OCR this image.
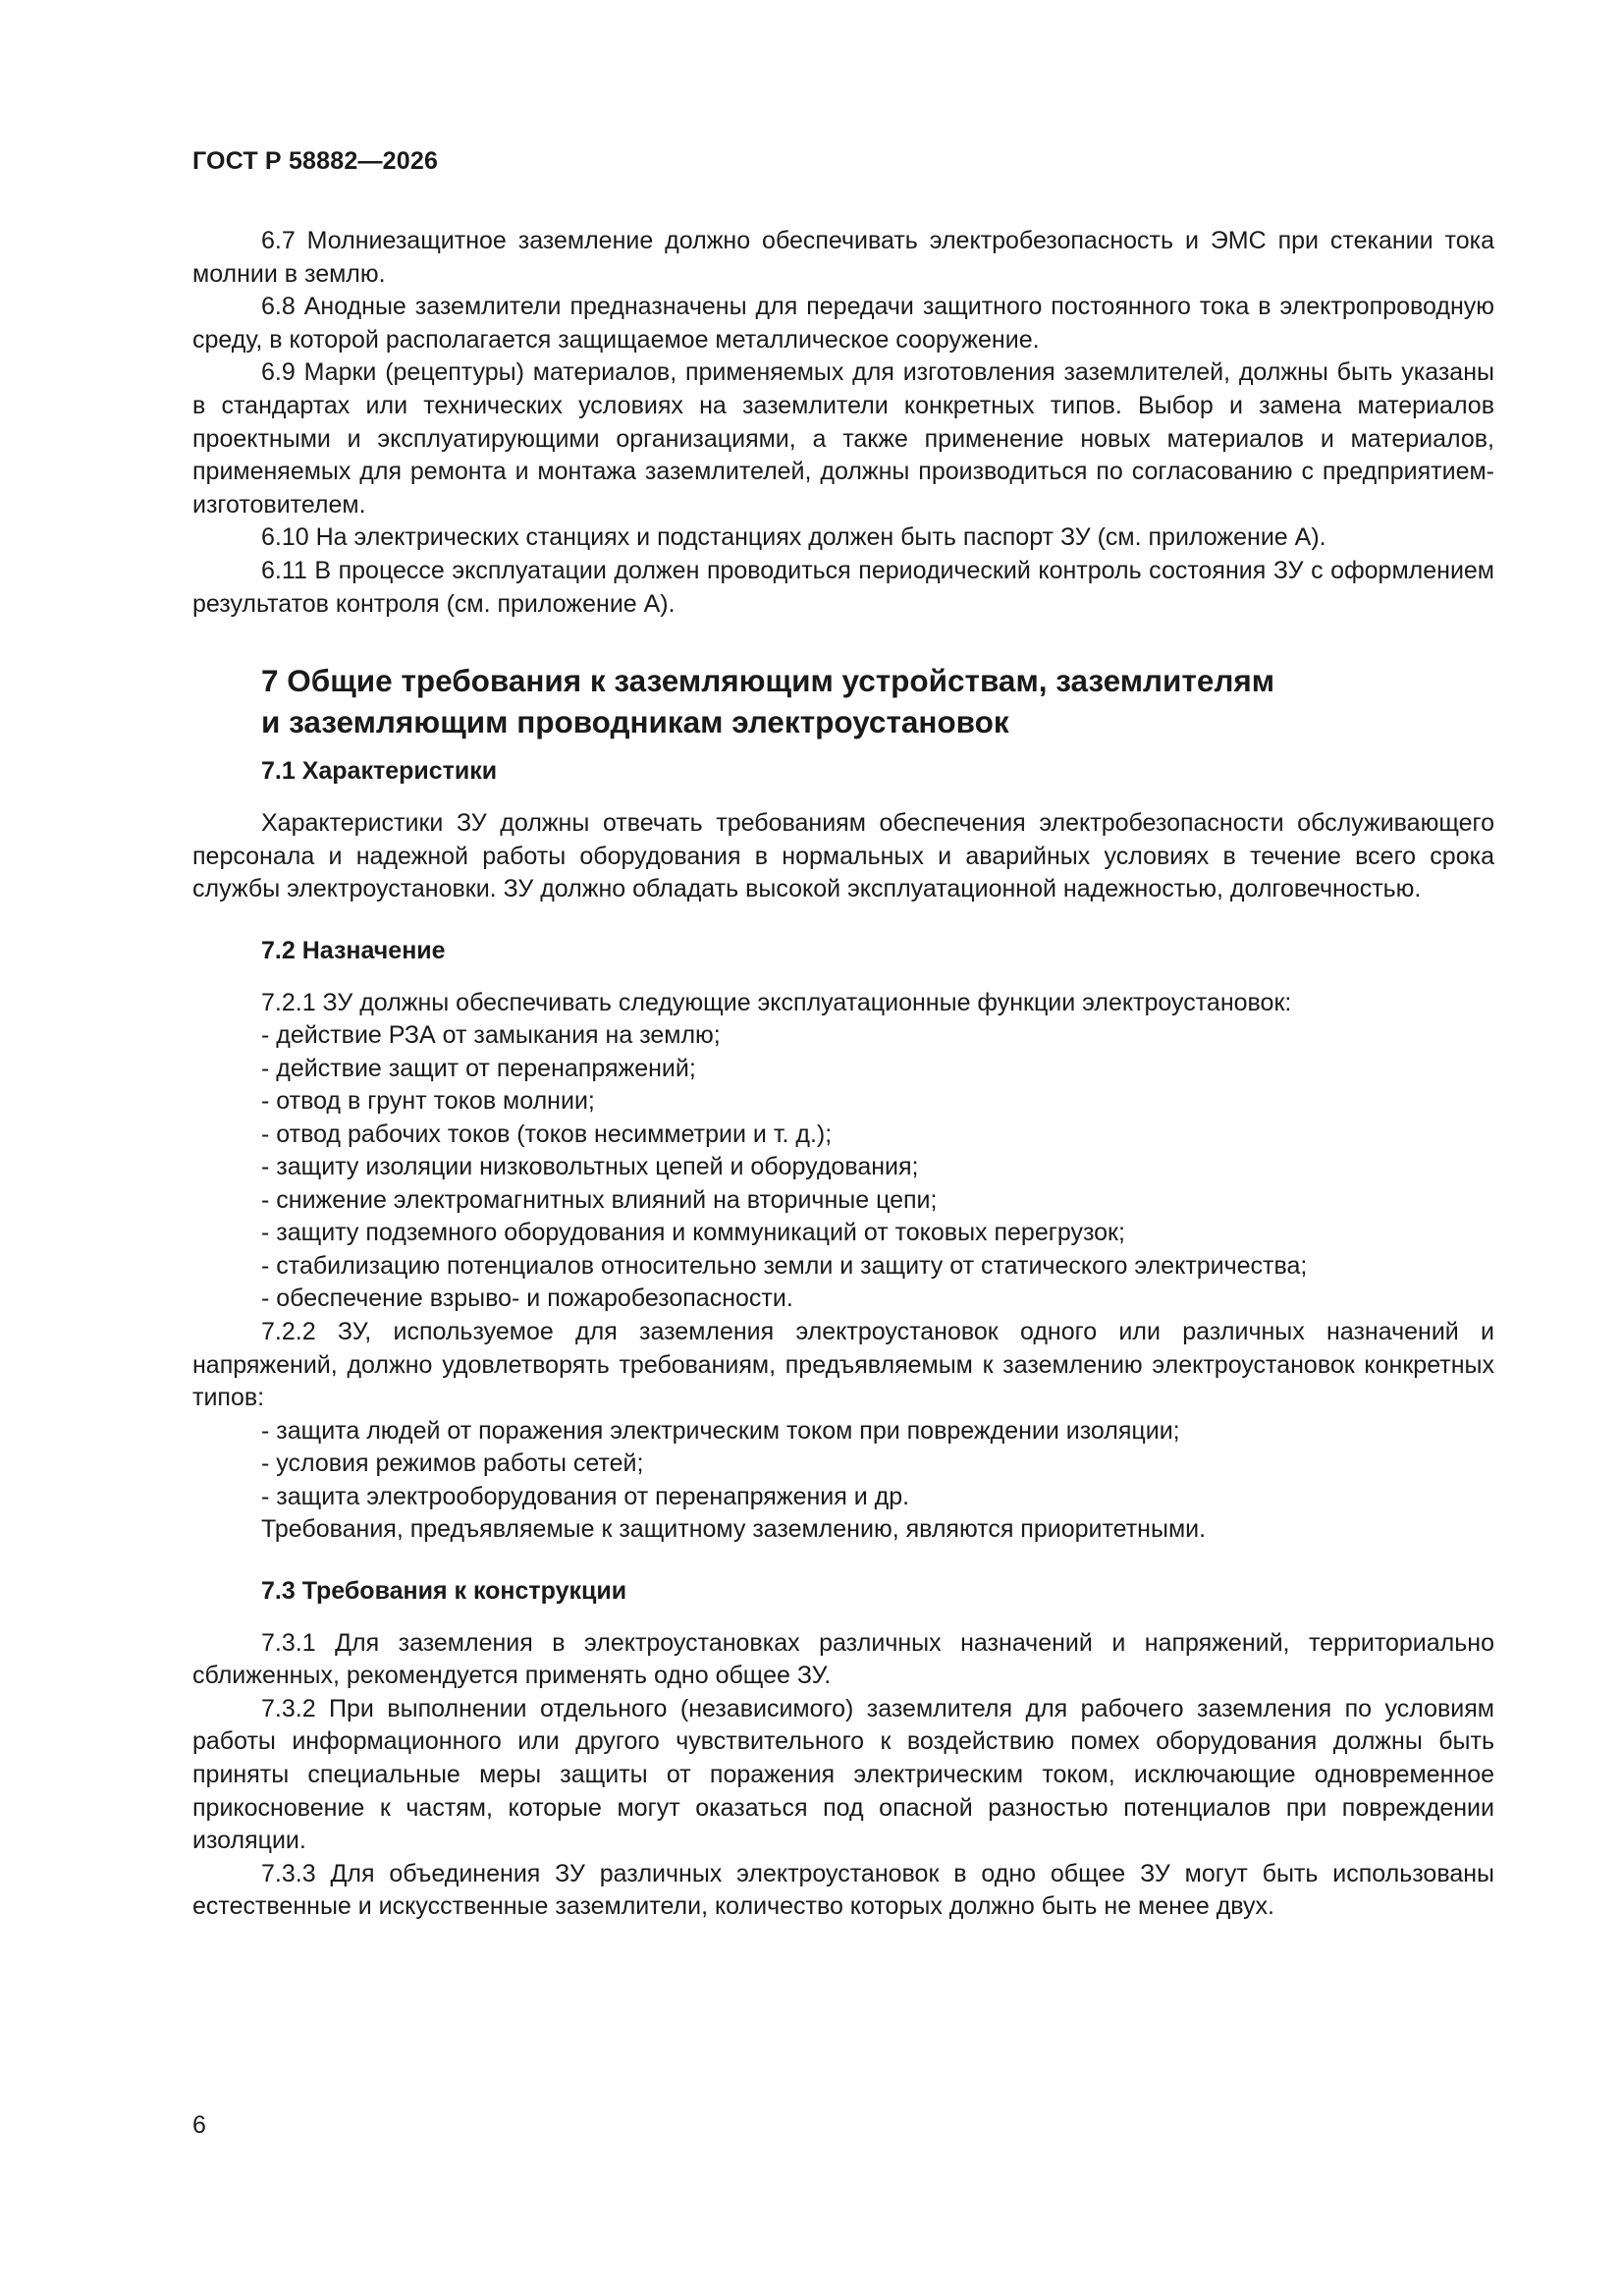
ГОСТ Р 58882—2026

6.7 Молниезащитное заземление должно обеспечивать электробезопасность и ЭМС при стекании тока молнии в землю.

6.8 Анодные заземлители предназначены для передачи защитного постоянного тока в электропроводную среду, в которой располагается защищаемое металлическое сооружение.

6.9 Марки (рецептуры) материалов, применяемых для изготовления заземлителей, должны быть указаны в стандартах или технических условиях на заземлители конкретных типов. Выбор и замена материалов проектными и эксплуатирующими организациями, а также применение новых материалов и материалов, применяемых для ремонта и монтажа заземлителей, должны производиться по согласованию с предприятием-изготовителем.

6.10 На электрических станциях и подстанциях должен быть паспорт ЗУ (см. приложение А).

6.11 В процессе эксплуатации должен проводиться периодический контроль состояния ЗУ с оформлением результатов контроля (см. приложение А).

7 Общие требования к заземляющим устройствам, заземлителям
и заземляющим проводникам электроустановок
7.1 Характеристики

Характеристики ЗУ должны отвечать требованиям обеспечения электробезопасности обслуживающего персонала и надежной работы оборудования в нормальных и аварийных условиях в течение всего срока службы электроустановки. ЗУ должно обладать высокой эксплуатационной надежностью, долговечностью.

7.2 Назначение
7.2.1 ЗУ должны обеспечивать следующие эксплуатационные функции электроустановок:
- действие РЗА от замыкания на землю;
- действие защит от перенапряжений;
- отвод в грунт токов молнии;
- отвод рабочих токов (токов несимметрии и т. д.);
- защиту изоляции низковольтных цепей и оборудования;
- снижение электромагнитных влияний на вторичные цепи;
- защиту подземного оборудования и коммуникаций от токовых перегрузок;
- стабилизацию потенциалов относительно земли и защиту от статического электричества;
- обеспечение взрыво- и пожаробезопасности.

7.2.2 ЗУ, используемое для заземления электроустановок одного или различных назначений и напряжений, должно удовлетворять требованиям, предъявляемым к заземлению электроустановок конкретных типов:

- защита людей от поражения электрическим током при повреждении изоляции;
- условия режимов работы сетей;
- защита электрооборудования от перенапряжения и др.
Требования, предъявляемые к защитному заземлению, являются приоритетными.
7.3 Требования к конструкции

7.3.1 Для заземления в электроустановках различных назначений и напряжений, территориально сближенных, рекомендуется применять одно общее ЗУ.

7.3.2 При выполнении отдельного (независимого) заземлителя для рабочего заземления по условиям работы информационного или другого чувствительного к воздействию помех оборудования должны быть приняты специальные меры защиты от поражения электрическим током, исключающие одновременное прикосновение к частям, которые могут оказаться под опасной разностью потенциалов при повреждении изоляции.

7.3.3 Для объединения ЗУ различных электроустановок в одно общее ЗУ могут быть использованы естественные и искусственные заземлители, количество которых должно быть не менее двух.

6
